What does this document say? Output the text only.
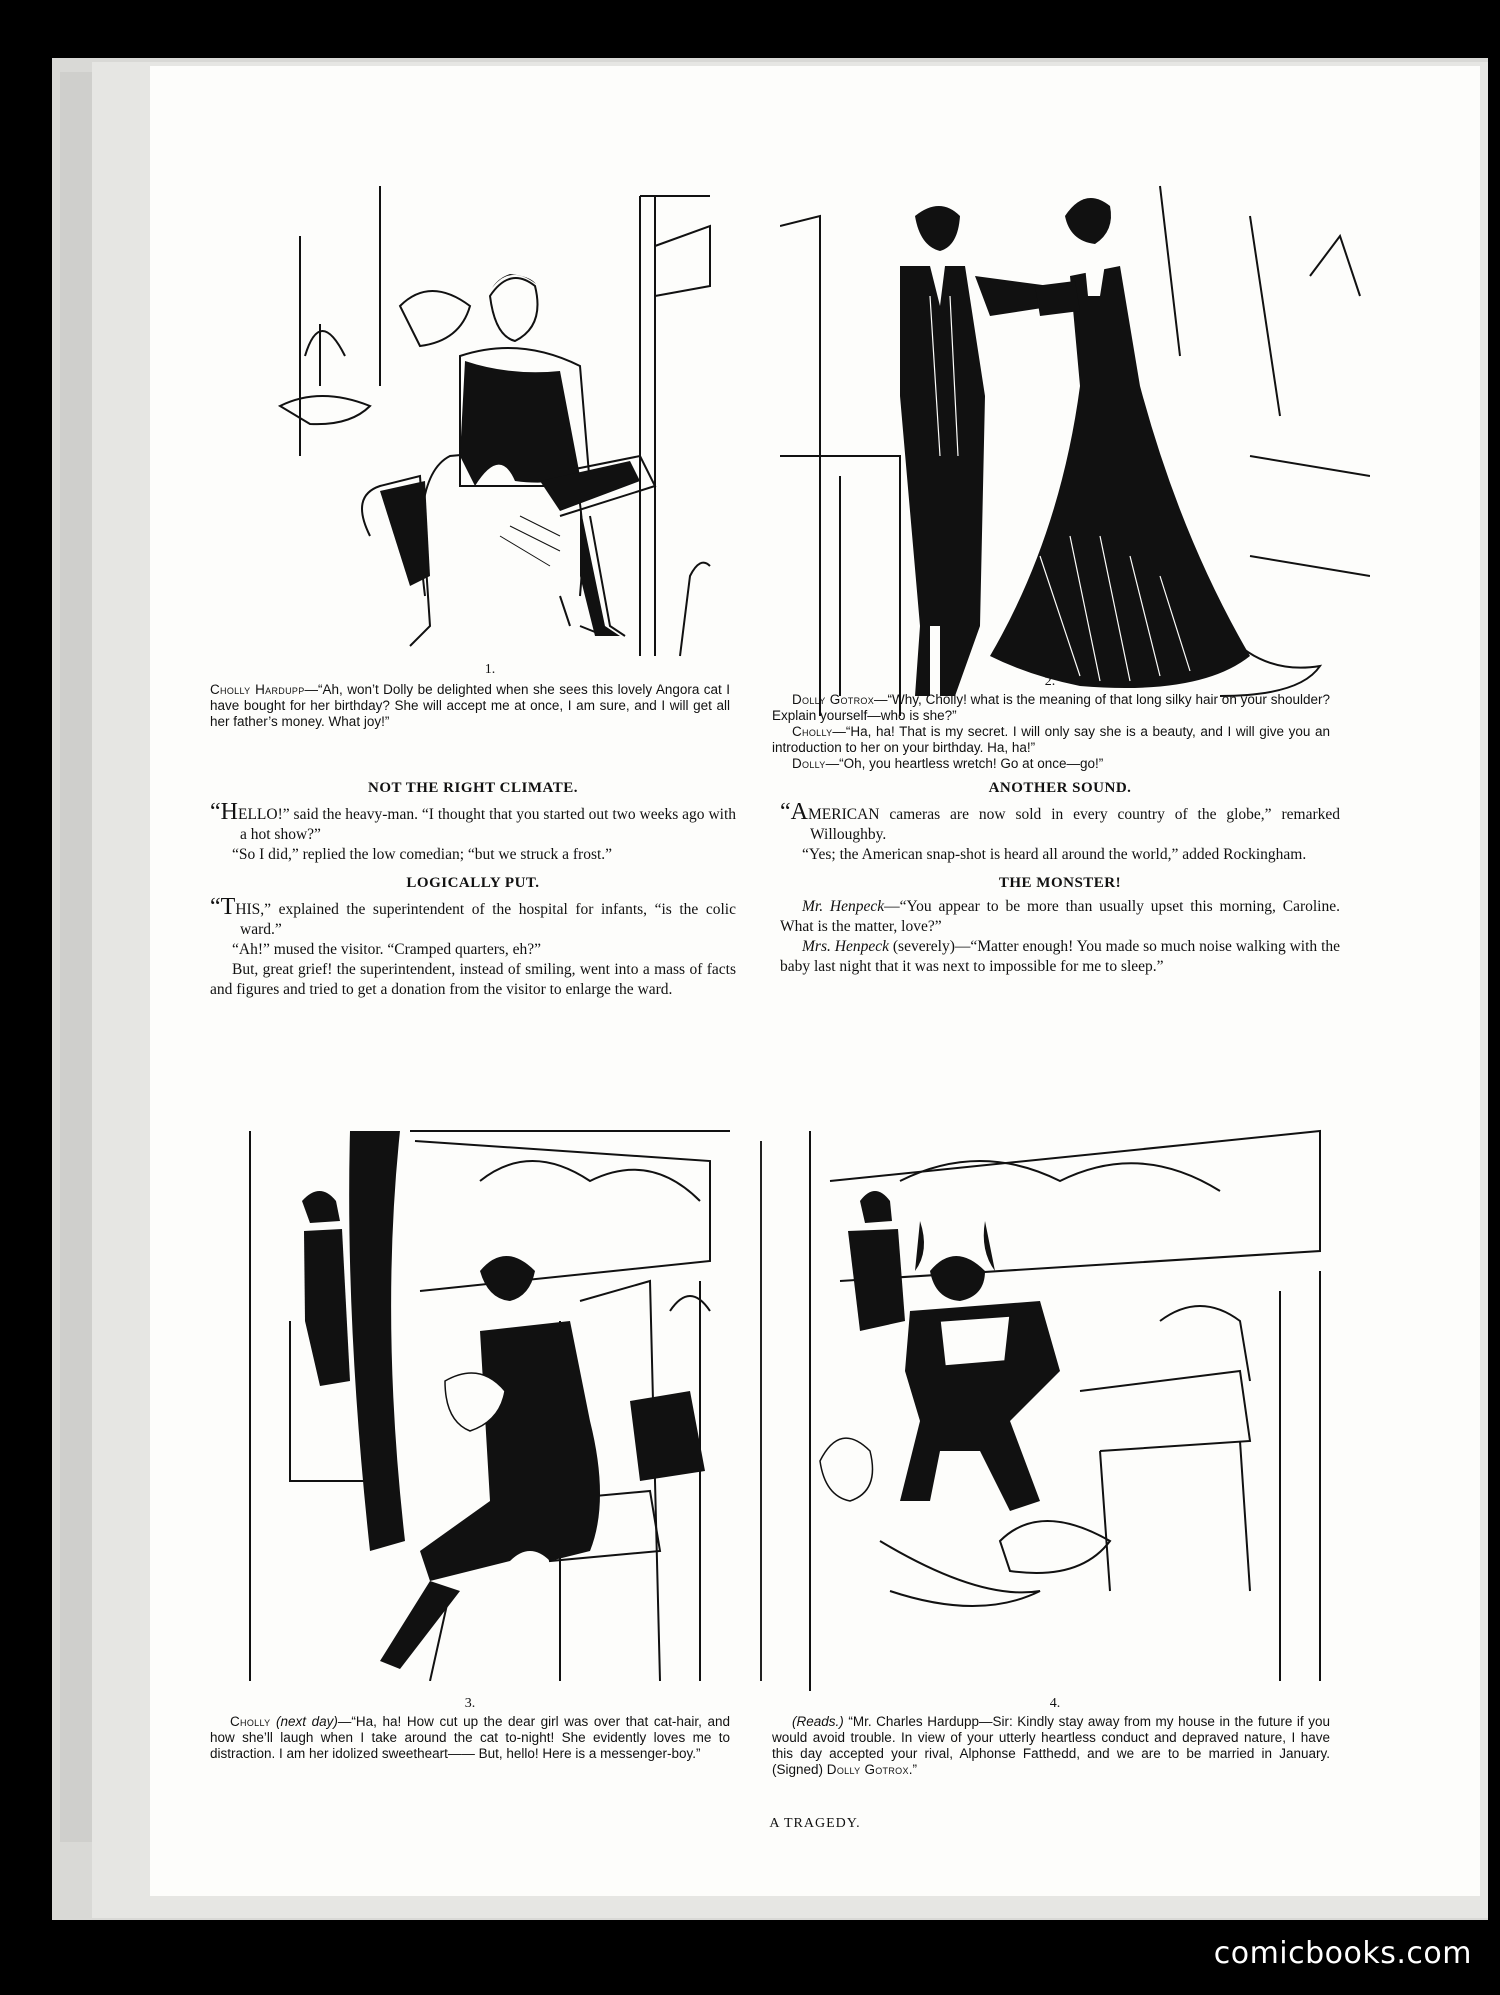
1.
Cholly Hardupp—“Ah, won’t Dolly be delighted when she sees this lovely Angora cat I have bought for her birthday? She will accept me at once, I am sure, and I will get all her father’s money. What joy!”
2.
Dolly Gotrox—“Why, Cholly! what is the meaning of that long silky hair on your shoulder? Explain yourself—who is she?”
Cholly—“Ha, ha! That is my secret. I will only say she is a beauty, and I will give you an introduction to her on your birthday. Ha, ha!”
Dolly—“Oh, you heartless wretch! Go at once—go!”
NOT THE RIGHT CLIMATE.

“HELLO!” said the heavy-man. “I thought that you started out two weeks ago with a hot show?”

“So I did,” replied the low comedian; “but we struck a frost.”

LOGICALLY PUT.

“THIS,” explained the superintendent of the hospital for infants, “is the colic ward.”

“Ah!” mused the visitor. “Cramped quarters, eh?”

But, great grief! the superintendent, instead of smiling, went into a mass of facts and figures and tried to get a donation from the visitor to enlarge the ward.

ANOTHER SOUND.

“AMERICAN cameras are now sold in every country of the globe,” remarked Willoughby.

“Yes; the American snap-shot is heard all around the world,” added Rockingham.

THE MONSTER!

Mr. Henpeck—“You appear to be more than usually upset this morning, Caroline. What is the matter, love?”

Mrs. Henpeck (severely)—“Matter enough! You made so much noise walking with the baby last night that it was next to impossible for me to sleep.”

3.
Cholly (next day)—“Ha, ha! How cut up the dear girl was over that cat-hair, and how she’ll laugh when I take around the cat to-night! She evidently loves me to distraction. I am her idolized sweetheart—— But, hello! Here is a messenger-boy.”
4.
(Reads.) “Mr. Charles Hardupp—Sir: Kindly stay away from my house in the future if you would avoid trouble. In view of your utterly heartless conduct and depraved nature, I have this day accepted your rival, Alphonse Fatthedd, and we are to be married in January. (Signed) Dolly Gotrox.”
A TRAGEDY.
comicbooks.com
